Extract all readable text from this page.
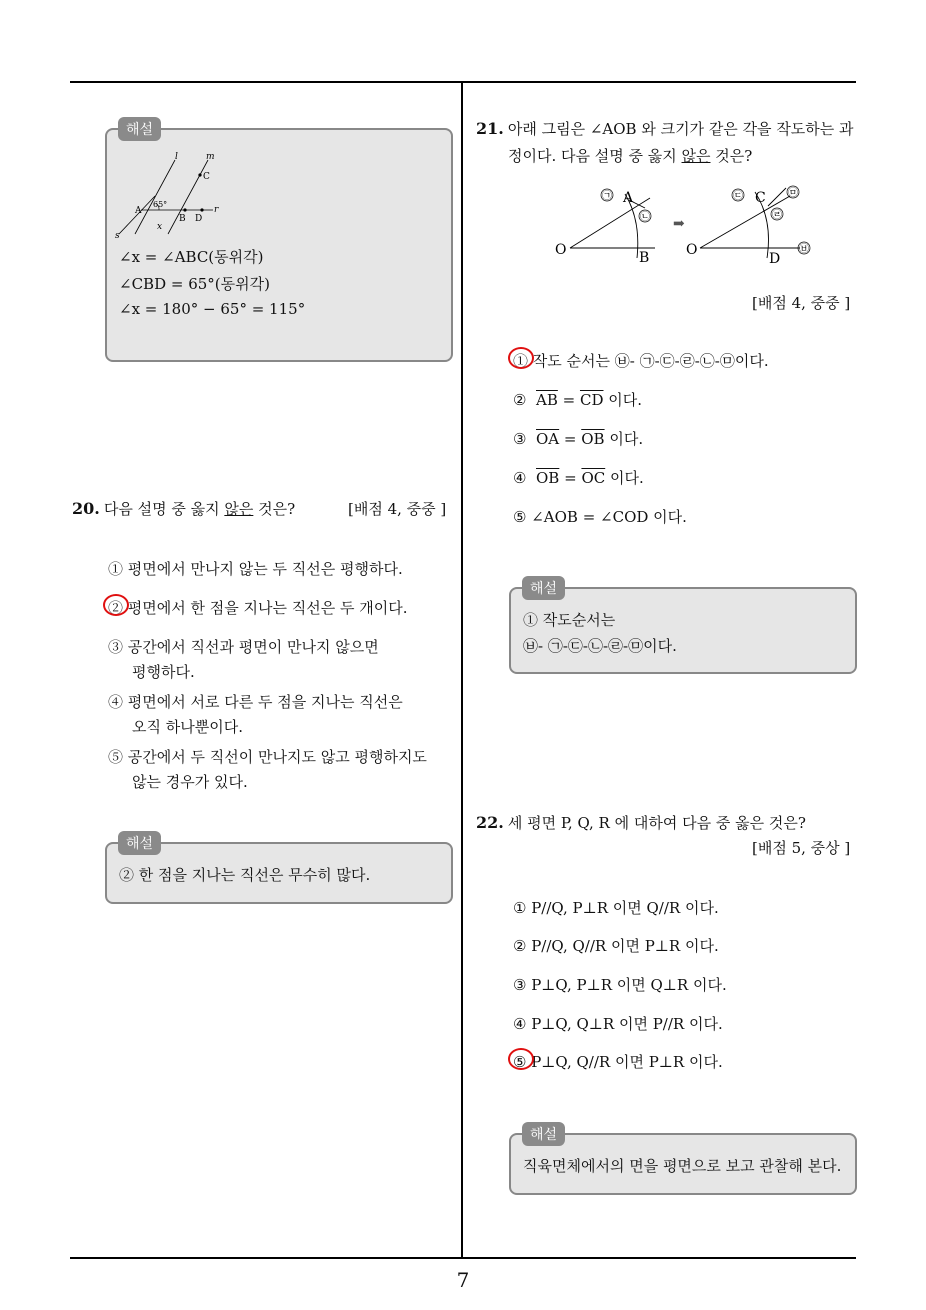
l	m
C
A
65°
B D
r
x
s
∠x = ∠ABC(동위각)
∠CBD = 65°(동위각)
∠x = 180° − 65° = 115°
해설
20. 다음 설명 중 옳지 않은 것은?	[배점 4, 중중 ]
① 평면에서 만나지 않는 두 직선은 평행하다.
② 평면에서 한 점을 지나는 직선은 두 개이다.
③ 공간에서 직선과 평면이 만나지 않으면
평행하다.
④ 평면에서 서로 다른 두 점을 지나는 직선은
오직 하나뿐이다.
⑤ 공간에서 두 직선이 만나지도 않고 평행하지도
않는 경우가 있다.
② 한 점을 지나는 직선은 무수히 많다.
해설
21. 아래 그림은 ∠AOB 와 크기가 같은 각을 작도하는 과
정이다. 다음 설명 중 옳지 않은 것은?
㉠ A
㉡
O	B
➡
㉢ C ㉤
㉣
㉥
O
D
[배점 4, 중중 ]
① 작도 순서는 ㉥- ㉠-㉢-㉣-㉡-㉤이다.
② $\overline{AB} = \overline{CD}$ 이다.
③ $\overline{OA} = \overline{OB}$ 이다.
④ $\overline{OB} = \overline{OC}$ 이다.
⑤ ∠AOB = ∠COD 이다.
① 작도순서는
㉥- ㉠-㉢-㉡-㉣-㉤이다.
해설
22. 세 평면 P, Q, R 에 대하여 다음 중 옳은 것은?
[배점 5, 중상 ]
① P//Q, P⊥R 이면 Q//R 이다.
② P//Q, Q//R 이면 P⊥R 이다.
③ P⊥Q, P⊥R 이면 Q⊥R 이다.
④ P⊥Q, Q⊥R 이면 P//R 이다.
⑤ P⊥Q, Q//R 이면 P⊥R 이다.
직육면체에서의 면을 평면으로 보고 관찰해 본다.
해설
7
